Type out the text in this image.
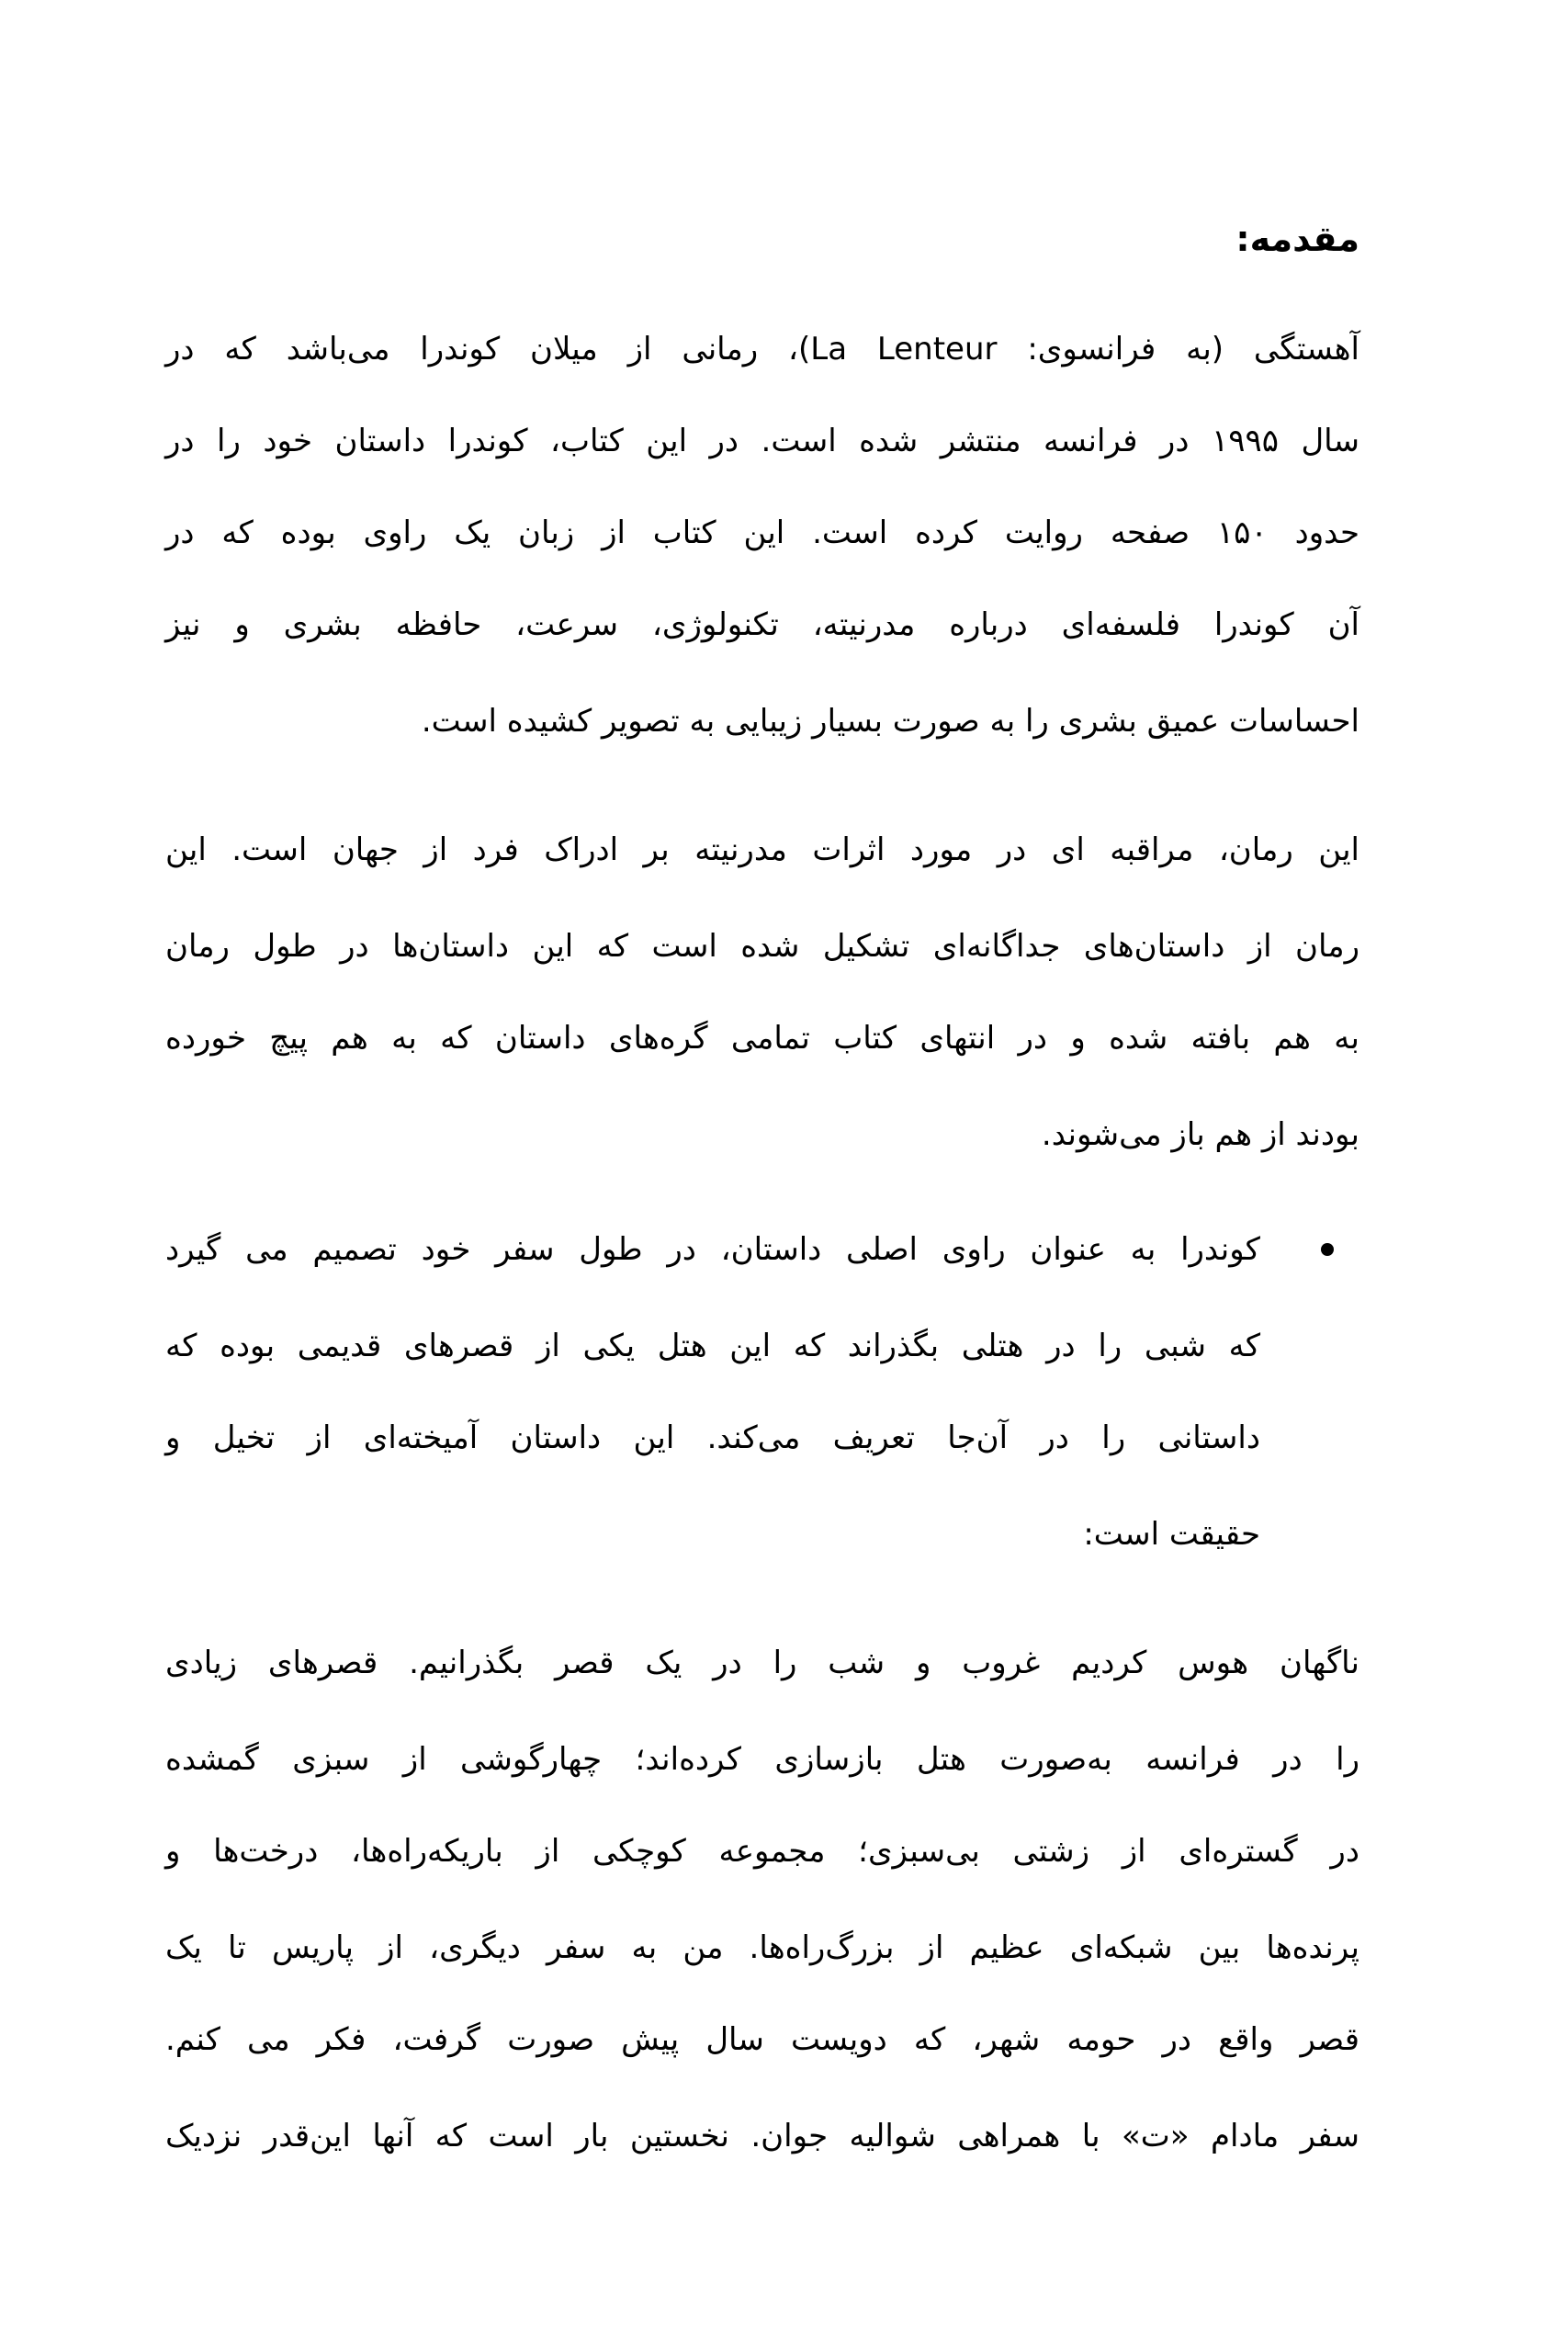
مقدمه:
آهستگی (به فرانسوی: La Lenteur)، رمانی از میلان کوندرا می‌باشد که در
سال ۱۹۹۵ در فرانسه منتشر شده است. در این کتاب، کوندرا داستان خود را در
حدود ۱۵۰ صفحه روایت کرده است. این کتاب از زبان یک راوی بوده که در
آن کوندرا فلسفه‌ای درباره مدرنیته، تکنولوژی، سرعت، حافظه بشری و نیز
احساسات عمیق بشری را به صورت بسیار زیبایی به تصویر کشیده است.
این رمان، مراقبه ای در مورد اثرات مدرنیته بر ادراک فرد از جهان است. این
رمان از داستان‌های جداگانه‌ای تشکیل شده است که این داستان‌ها در طول رمان
به هم بافته شده و در انتهای کتاب تمامی گره‌های داستان که به هم پیچ خورده
بودند از هم باز می‌شوند.
کوندرا به عنوان راوی اصلی داستان، در طول سفر خود تصمیم می گیرد
که شبی را در هتلی بگذراند که این هتل یکی از قصرهای قدیمی بوده که
داستانی را در آن‌جا تعریف می‌کند. این داستان آمیخته‌ای از تخیل و
حقیقت است:
ناگهان هوس کردیم غروب و شب را در یک قصر بگذرانیم. قصرهای زیادی
را در فرانسه به‌صورت هتل بازسازی کرده‌اند؛ چهارگوشی از سبزی گمشده
در گستره‌ای از زشتی بی‌سبزی؛ مجموعه کوچکی از باریکه‌راه‌ها، درخت‌ها و
پرنده‌ها بین شبکه‌ای عظیم از بزرگ‌راه‌ها. من به سفر دیگری، از پاریس تا یک
قصر واقع در حومه شهر، که دویست سال پیش صورت گرفت، فکر می کنم.
سفر مادام «ت» با همراهی شوالیه جوان. نخستین بار است که آنها این‌قدر نزدیک
